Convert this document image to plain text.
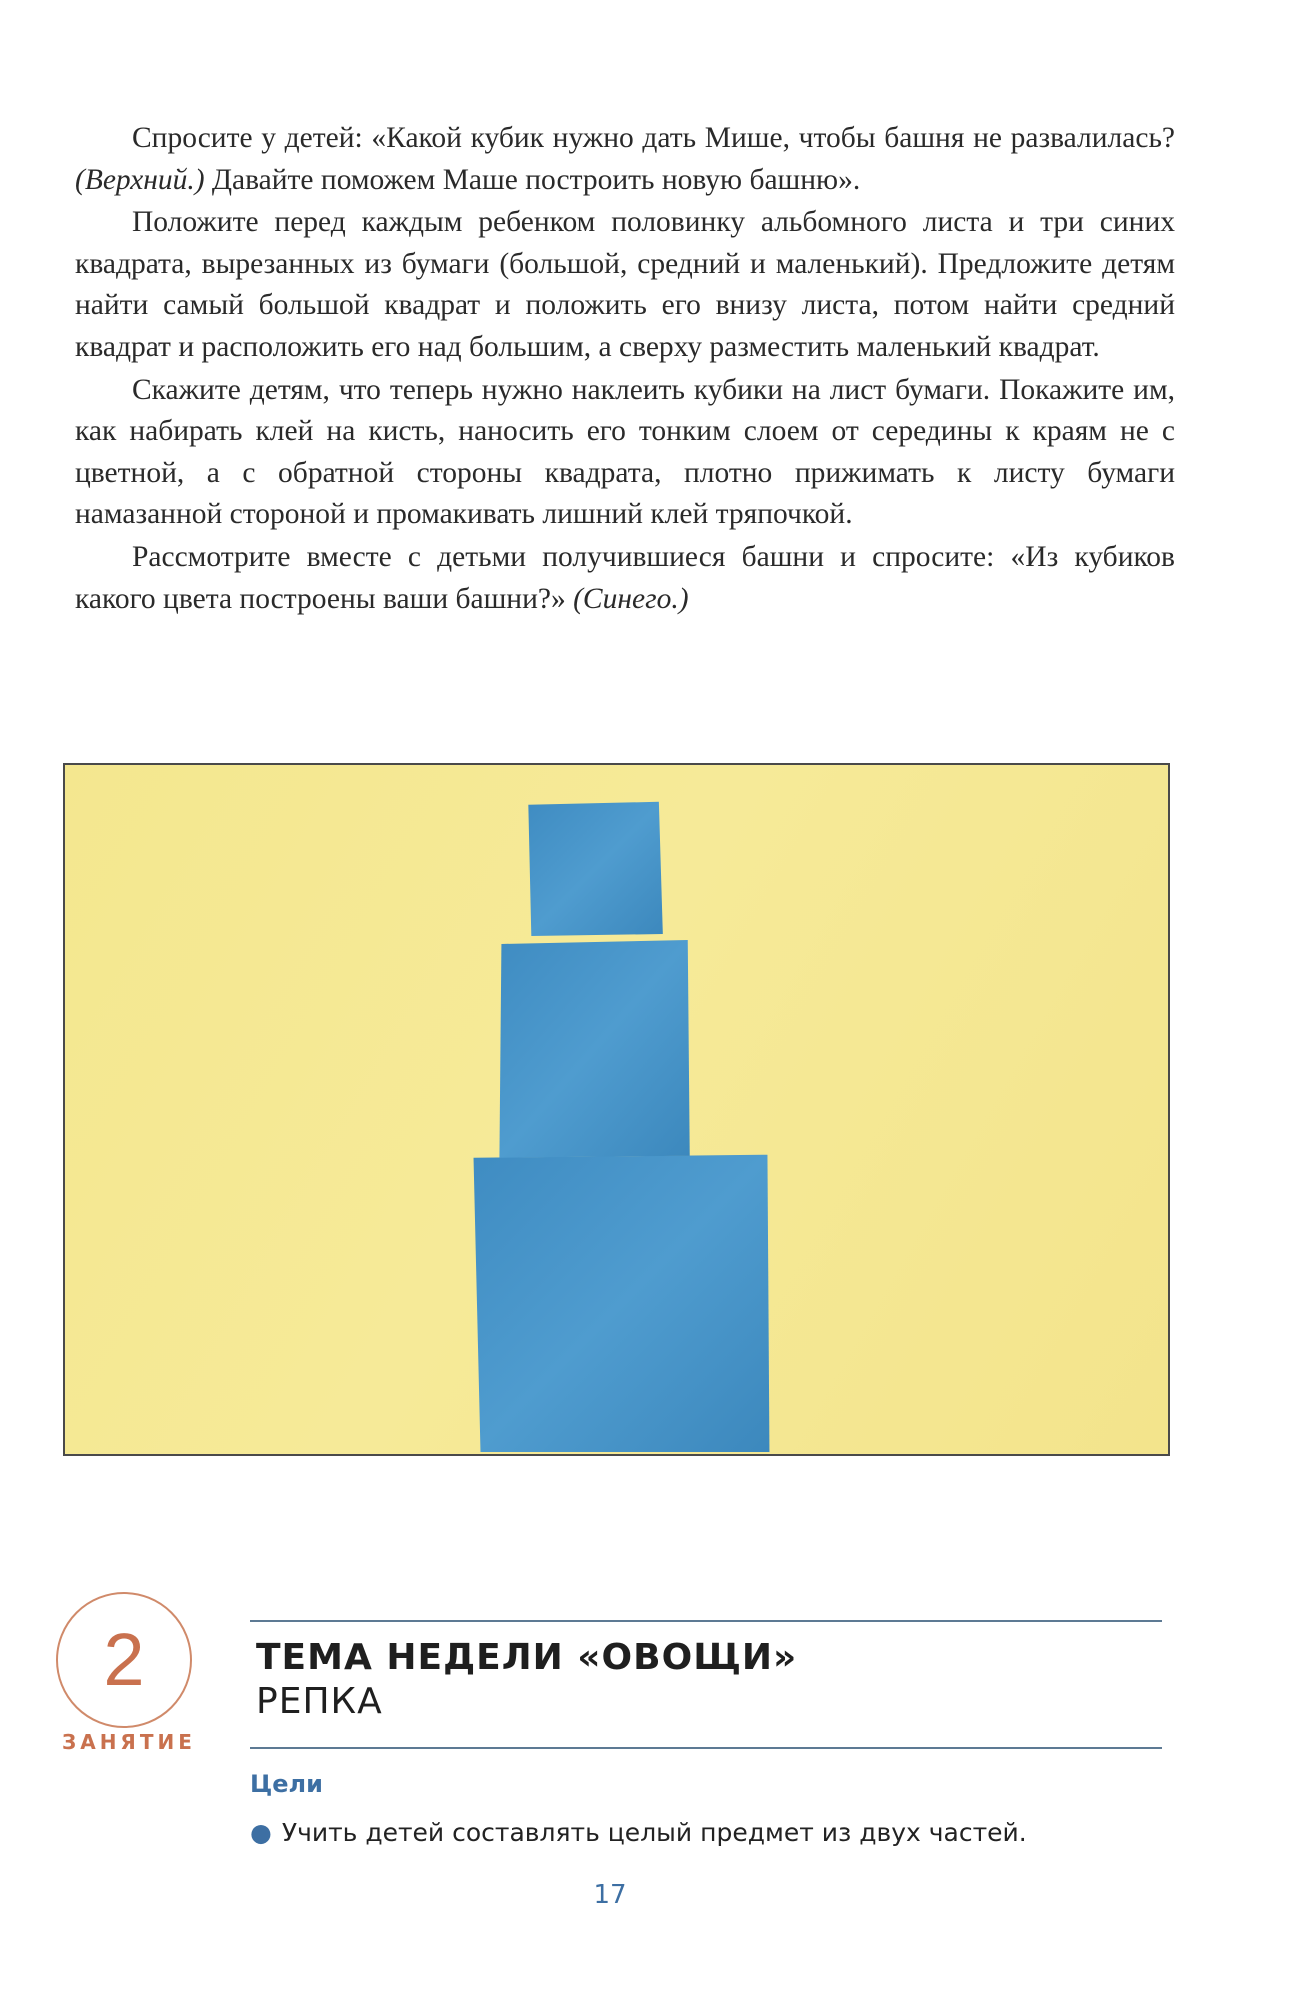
Спросите у детей: «Какой кубик нужно дать Мише, чтобы башня не развалилась? (Верхний.) Давайте поможем Маше построить новую башню».

Положите перед каждым ребенком половинку альбомного листа и три синих квадрата, вырезанных из бумаги (большой, средний и маленький). Предложите детям найти самый большой квадрат и положить его внизу листа, потом найти средний квадрат и расположить его над большим, а сверху разместить маленький квадрат.

Скажите детям, что теперь нужно наклеить кубики на лист бумаги. Покажите им, как набирать клей на кисть, наносить его тонким слоем от середины к краям не с цветной, а с обратной стороны квадрата, плотно прижимать к листу бумаги намазанной стороной и промакивать лишний клей тряпочкой.

Рассмотрите вместе с детьми получившиеся башни и спросите: «Из кубиков какого цвета построены ваши башни?» (Синего.)

2
ЗАНЯТИЕ
ТЕМА НЕДЕЛИ «ОВОЩИ»
РЕПКА
Цели
● Учить детей составлять целый предмет из двух частей.
17
